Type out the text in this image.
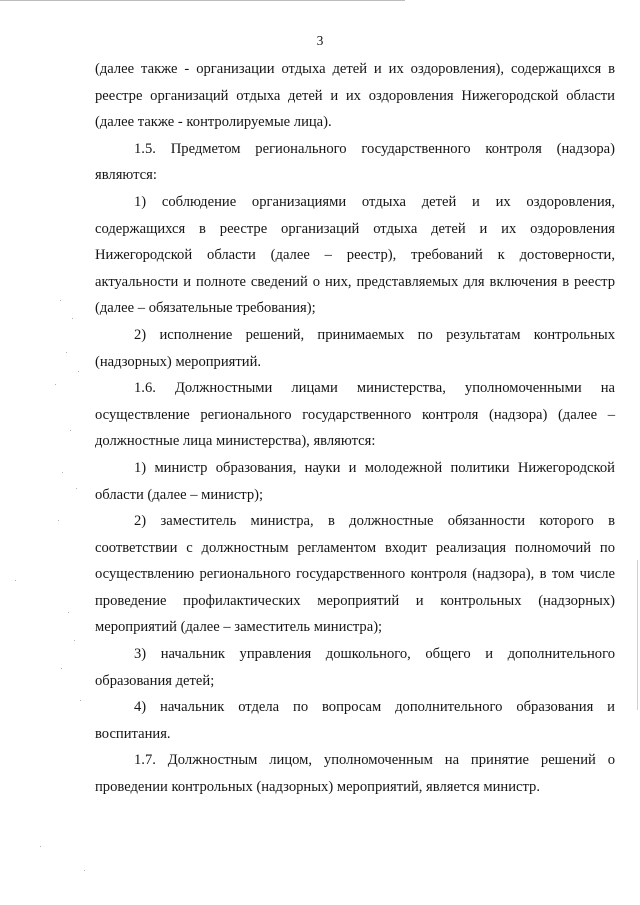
3

(далее также - организации отдыха детей и их оздоровления), содержащихся в реестре организаций отдыха детей и их оздоровления Нижегородской области (далее также - контролируемые лица).

1.5. Предметом регионального государственного контроля (надзора) являются:

1) соблюдение организациями отдыха детей и их оздоровления, содержащихся в реестре организаций отдыха детей и их оздоровления Нижегородской области (далее – реестр), требований к достоверности, актуальности и полноте сведений о них, представляемых для включения в реестр (далее – обязательные требования);

2) исполнение решений, принимаемых по результатам контрольных (надзорных) мероприятий.

1.6. Должностными лицами министерства, уполномоченными на осуществление регионального государственного контроля (надзора) (далее – должностные лица министерства), являются:

1) министр образования, науки и молодежной политики Нижегородской области (далее – министр);

2) заместитель министра, в должностные обязанности которого в соответствии с должностным регламентом входит реализация полномочий по осуществлению регионального государственного контроля (надзора), в том числе проведение профилактических мероприятий и контрольных (надзорных) мероприятий (далее – заместитель министра);

3) начальник управления дошкольного, общего и дополнительного образования детей;

4) начальник отдела по вопросам дополнительного образования и воспитания.

1.7. Должностным лицом, уполномоченным на принятие решений о проведении контрольных (надзорных) мероприятий, является министр.
